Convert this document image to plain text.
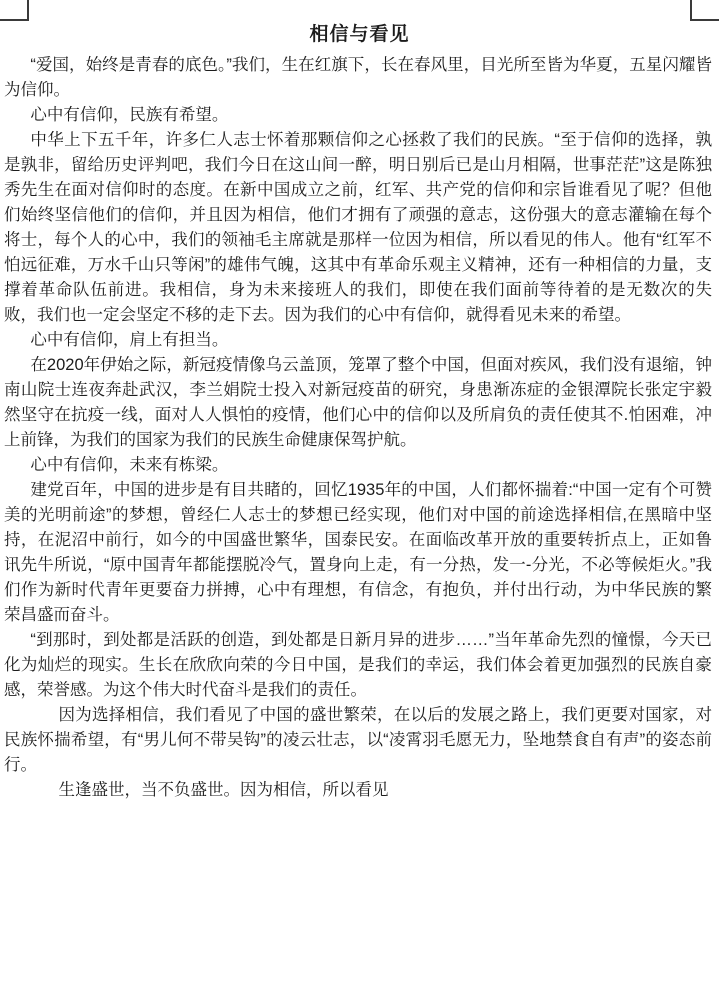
相信与看见

“爱国，始终是青春的底色。”我们，生在红旗下，长在春风里，目光所至皆为华夏，五星闪耀皆为信仰。

心中有信仰，民族有希望。

中华上下五千年，许多仁人志士怀着那颗信仰之心拯救了我们的民族。“至于信仰的选择，孰是孰非，留给历史评判吧，我们今日在这山间一醉，明日别后已是山月相隔，世事茫茫”这是陈独秀先生在面对信仰时的态度。在新中国成立之前，红军、共产党的信仰和宗旨谁看见了呢？但他们始终坚信他们的信仰，并且因为相信，他们才拥有了顽强的意志，这份强大的意志灌输在每个将士，每个人的心中，我们的领袖毛主席就是那样一位因为相信，所以看见的伟人。他有“红军不怕远征难，万水千山只等闲”的雄伟气魄，这其中有革命乐观主义精神，还有一种相信的力量，支撑着革命队伍前进。我相信，身为未来接班人的我们，即使在我们面前等待着的是无数次的失败，我们也一定会坚定不移的走下去。因为我们的心中有信仰，就得看见未来的希望。

心中有信仰，肩上有担当。

在2020年伊始之际，新冠疫情像乌云盖顶，笼罩了整个中国，但面对疾风，我们没有退缩，钟南山院士连夜奔赴武汉，李兰娟院士投入对新冠疫苗的研究，身患渐冻症的金银潭院长张定宇毅然坚守在抗疫一线，面对人人惧怕的疫情，他们心中的信仰以及所肩负的责任使其不.怕困难，冲上前锋，为我们的国家为我们的民族生命健康保驾护航。

心中有信仰，未来有栋梁。

建党百年，中国的进步是有目共睹的，回忆1935年的中国，人们都怀揣着:“中国一定有个可赞美的光明前途”的梦想，曾经仁人志士的梦想已经实现，他们对中国的前途选择相信,在黑暗中坚持，在泥沼中前行，如今的中国盛世繁华，国泰民安。在面临改革开放的重要转折点上，正如鲁讯先牛所说，“原中国青年都能摆脱冷气，置身向上走，有一分热，发一-分光，不必等候炬火。”我们作为新时代青年更要奋力拼搏，心中有理想，有信念，有抱负，并付出行动，为中华民族的繁荣昌盛而奋斗。

“到那时，到处都是活跃的创造，到处都是日新月异的进步……”当年革命先烈的憧憬，今天已化为灿烂的现实。生长在欣欣向荣的今日中国，是我们的幸运，我们体会着更加强烈的民族自豪感，荣誉感。为这个伟大时代奋斗是我们的责任。

因为选择相信，我们看见了中国的盛世繁荣，在以后的发展之路上，我们更要对国家，对民族怀揣希望，有“男儿何不带吴钩”的凌云壮志，以“凌霄羽毛愿无力，坠地禁食自有声”的姿态前行。

生逢盛世，当不负盛世。因为相信，所以看见
